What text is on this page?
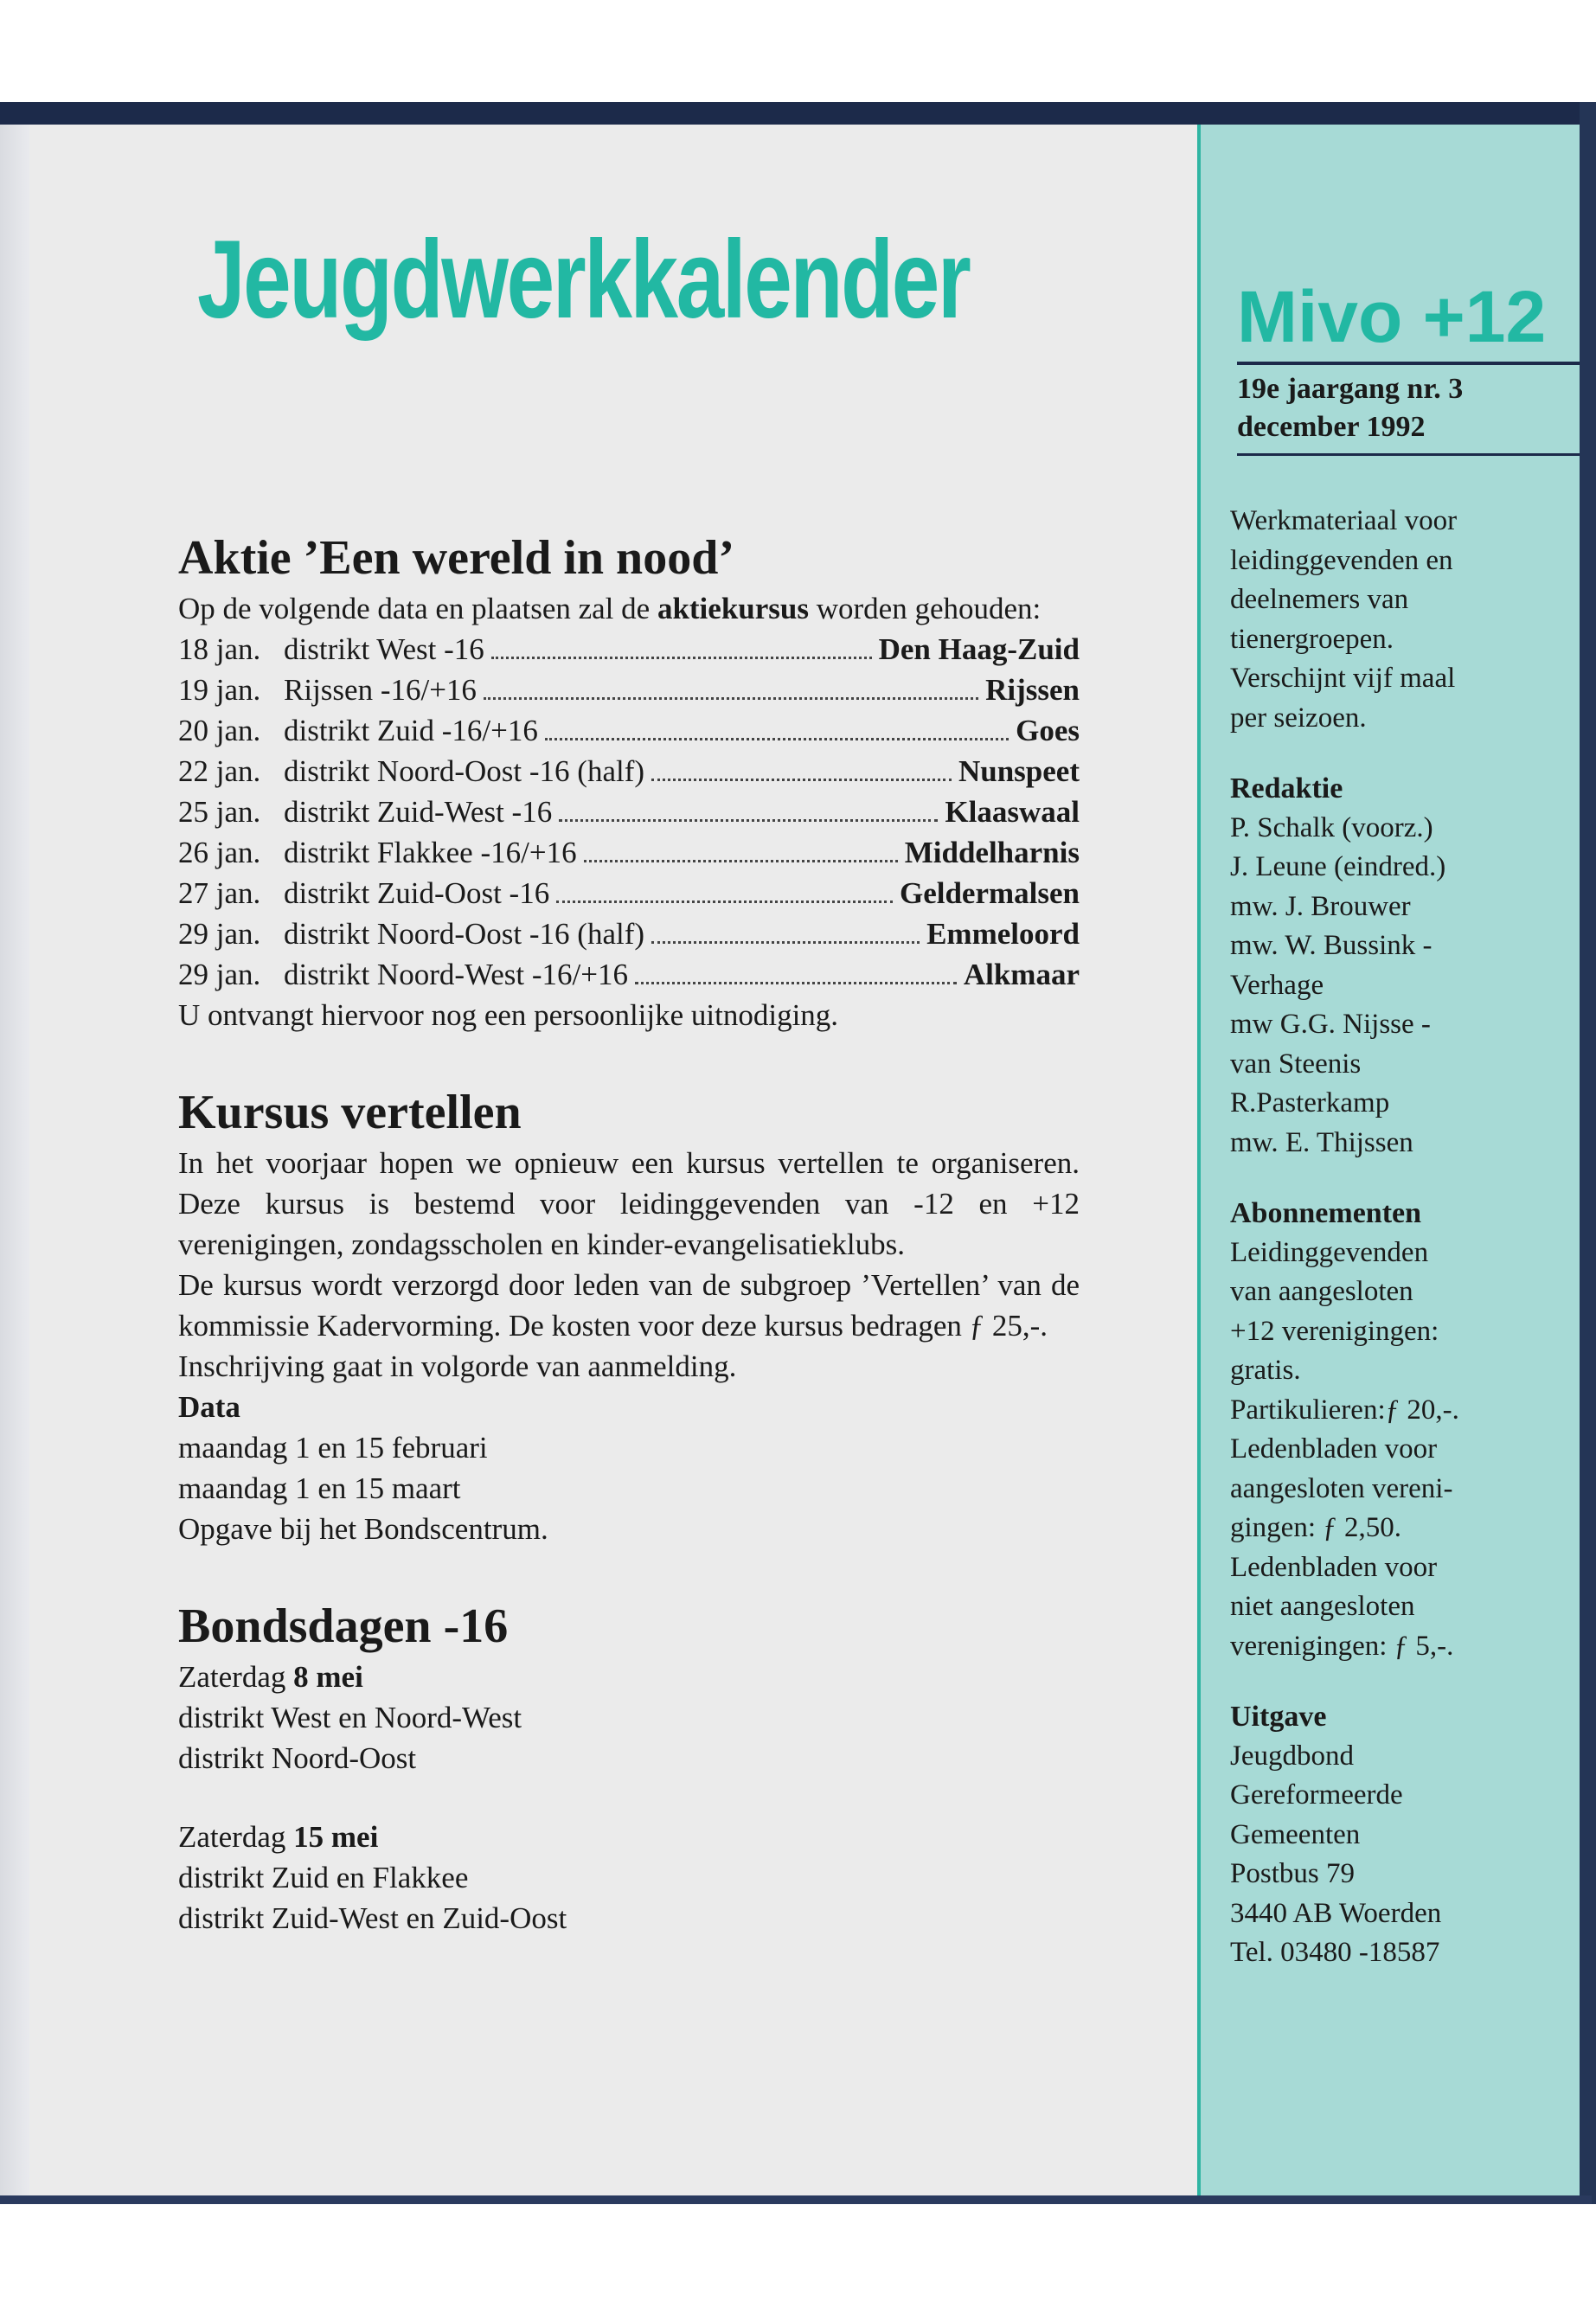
Jeugdwerkkalender	Mivo +12
19e jaargang nr. 3
december 1992
Aktie ’Een wereld in nood’

Op de volgende data en plaatsen zal de aktiekursus worden gehouden:

18 jan. distrikt West -16	Den Haag-Zuid
19 jan. Rijssen -16/+16	Rijssen
20 jan. distrikt Zuid -16/+16	Goes
22 jan. distrikt Noord-Oost -16 (half)	Nunspeet
25 jan. distrikt Zuid-West -16	Klaaswaal
26 jan. distrikt Flakkee -16/+16	Middelharnis
27 jan. distrikt Zuid-Oost -16	Geldermalsen
29 jan. distrikt Noord-Oost -16 (half)	Emmeloord
29 jan. distrikt Noord-West -16/+16	Alkmaar

U ontvangt hiervoor nog een persoonlijke uitnodiging.

Kursus vertellen

In het voorjaar hopen we opnieuw een kursus vertellen te organiseren. Deze kursus is bestemd voor leidinggevenden van -12 en +12 verenigingen, zondagsscholen en kinder-evangelisatieklubs.

De kursus wordt verzorgd door leden van de subgroep ’Vertellen’ van de kommissie Kadervorming. De kosten voor deze kursus bedragen ƒ 25,-.

Inschrijving gaat in volgorde van aanmelding.

Data
maandag 1 en 15 februari
maandag 1 en 15 maart
Opgave bij het Bondscentrum.
Bondsdagen -16
Zaterdag 8 mei
distrikt West en Noord-West
distrikt Noord-Oost
Zaterdag 15 mei
distrikt Zuid en Flakkee
distrikt Zuid-West en Zuid-Oost
Werkmateriaal voor
leidinggevenden en
deelnemers van
tienergroepen.
Verschijnt vijf maal
per seizoen.
Redaktie
P. Schalk (voorz.)
J. Leune (eindred.)
mw. J. Brouwer
mw. W. Bussink -
Verhage
mw G.G. Nijsse -
van Steenis
R.Pasterkamp
mw. E. Thijssen
Abonnementen
Leidinggevenden
van aangesloten
+12 verenigingen:
gratis.
Partikulieren:ƒ 20,-.
Ledenbladen voor
aangesloten vereni-
gingen: ƒ 2,50.
Ledenbladen voor
niet aangesloten
verenigingen: ƒ 5,-.
Uitgave
Jeugdbond
Gereformeerde
Gemeenten
Postbus 79
3440 AB Woerden
Tel. 03480 -18587
